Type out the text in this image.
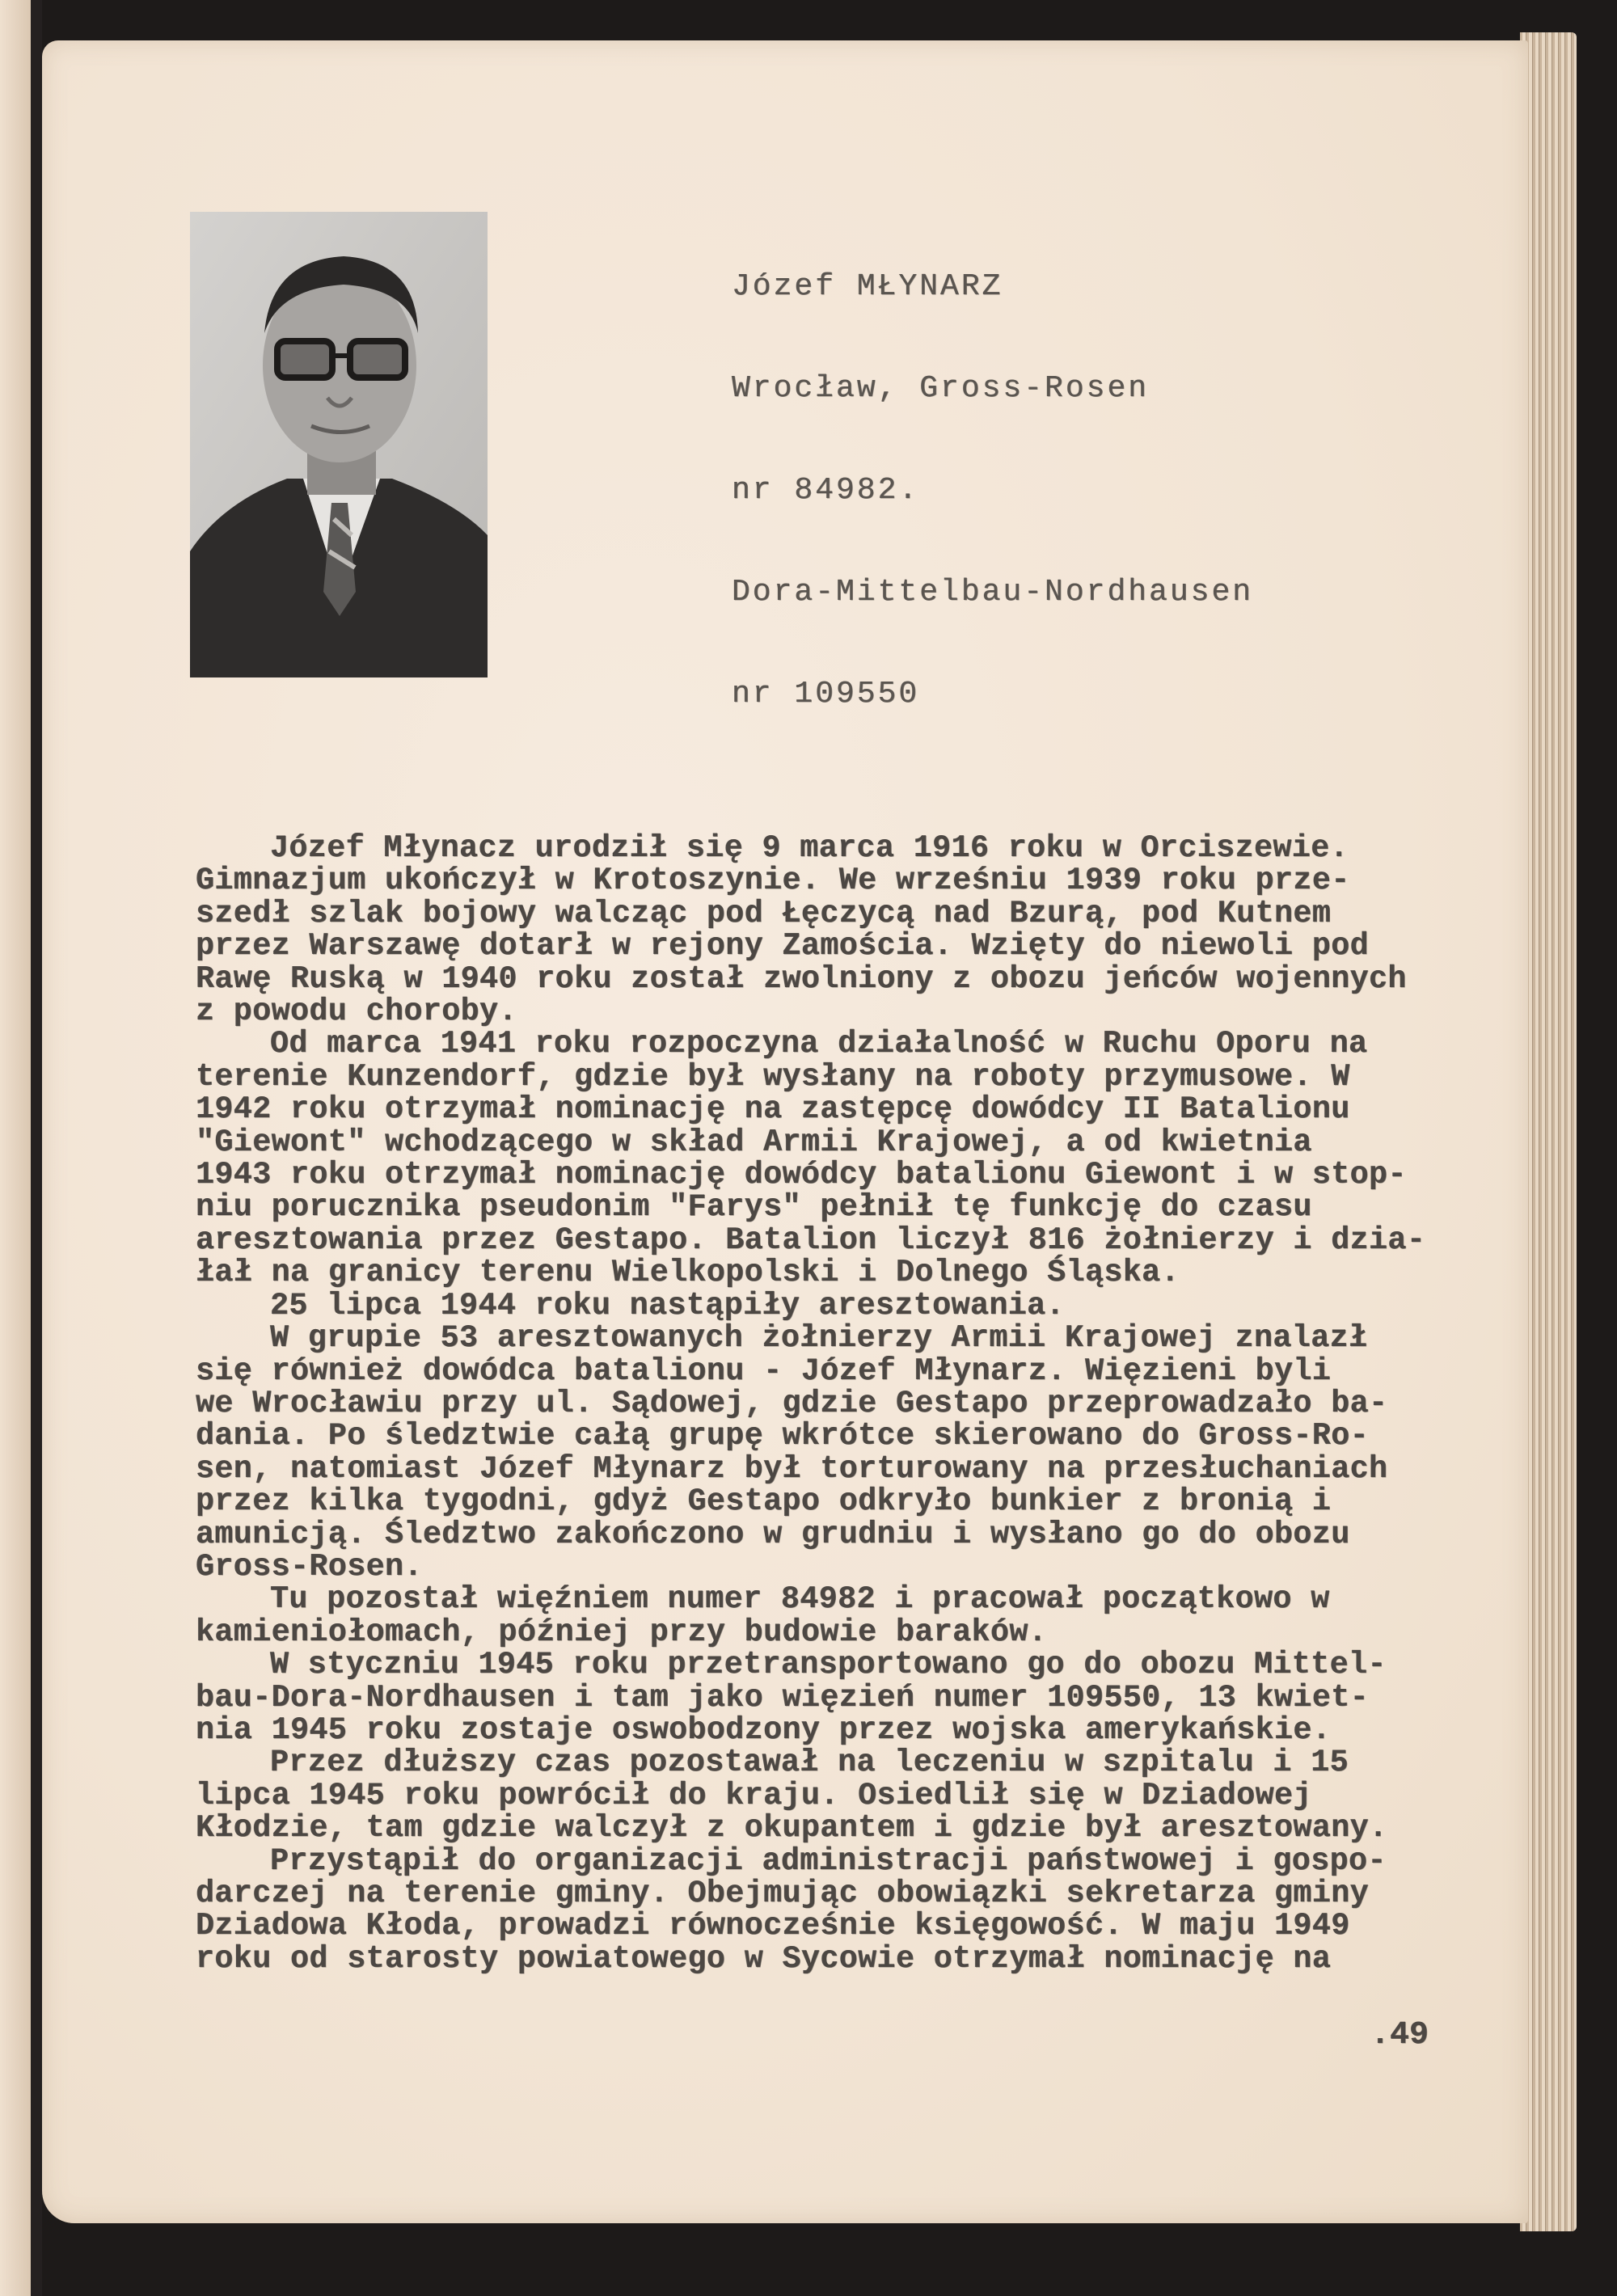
Józef MŁYNARZ

Wrocław, Gross-Rosen

nr 84982.

Dora-Mittelbau-Nordhausen

nr 109550

Józef Młynacz urodził się 9 marca 1916 roku w Orciszewie.
Gimnazjum ukończył w Krotoszynie. We wrześniu 1939 roku prze-
szedł szlak bojowy walcząc pod Łęczycą nad Bzurą, pod Kutnem
przez Warszawę dotarł w rejony Zamościa. Wzięty do niewoli pod
Rawę Ruską w 1940 roku został zwolniony z obozu jeńców wojennych
z powodu choroby.
Od marca 1941 roku rozpoczyna działalność w Ruchu Oporu na
terenie Kunzendorf, gdzie był wysłany na roboty przymusowe. W
1942 roku otrzymał nominację na zastępcę dowódcy II Batalionu
"Giewont" wchodzącego w skład Armii Krajowej, a od kwietnia
1943 roku otrzymał nominację dowódcy batalionu Giewont i w stop-
niu porucznika pseudonim "Farys" pełnił tę funkcję do czasu
aresztowania przez Gestapo. Batalion liczył 816 żołnierzy i dzia-
łał na granicy terenu Wielkopolski i Dolnego Śląska.
25 lipca 1944 roku nastąpiły aresztowania.
W grupie 53 aresztowanych żołnierzy Armii Krajowej znalazł
się również dowódca batalionu - Józef Młynarz. Więzieni byli
we Wrocławiu przy ul. Sądowej, gdzie Gestapo przeprowadzało ba-
dania. Po śledztwie całą grupę wkrótce skierowano do Gross-Ro-
sen, natomiast Józef Młynarz był torturowany na przesłuchaniach
przez kilka tygodni, gdyż Gestapo odkryło bunkier z bronią i
amunicją. Śledztwo zakończono w grudniu i wysłano go do obozu
Gross-Rosen.
Tu pozostał więźniem numer 84982 i pracował początkowo w
kamieniołomach, później przy budowie baraków.
W styczniu 1945 roku przetransportowano go do obozu Mittel-
bau-Dora-Nordhausen i tam jako więzień numer 109550, 13 kwiet-
nia 1945 roku zostaje oswobodzony przez wojska amerykańskie.
Przez dłuższy czas pozostawał na leczeniu w szpitalu i 15
lipca 1945 roku powrócił do kraju. Osiedlił się w Dziadowej
Kłodzie, tam gdzie walczył z okupantem i gdzie był aresztowany.
Przystąpił do organizacji administracji państwowej i gospo-
darczej na terenie gminy. Obejmując obowiązki sekretarza gminy
Dziadowa Kłoda, prowadzi równocześnie księgowość. W maju 1949
roku od starosty powiatowego w Sycowie otrzymał nominację na
.49
